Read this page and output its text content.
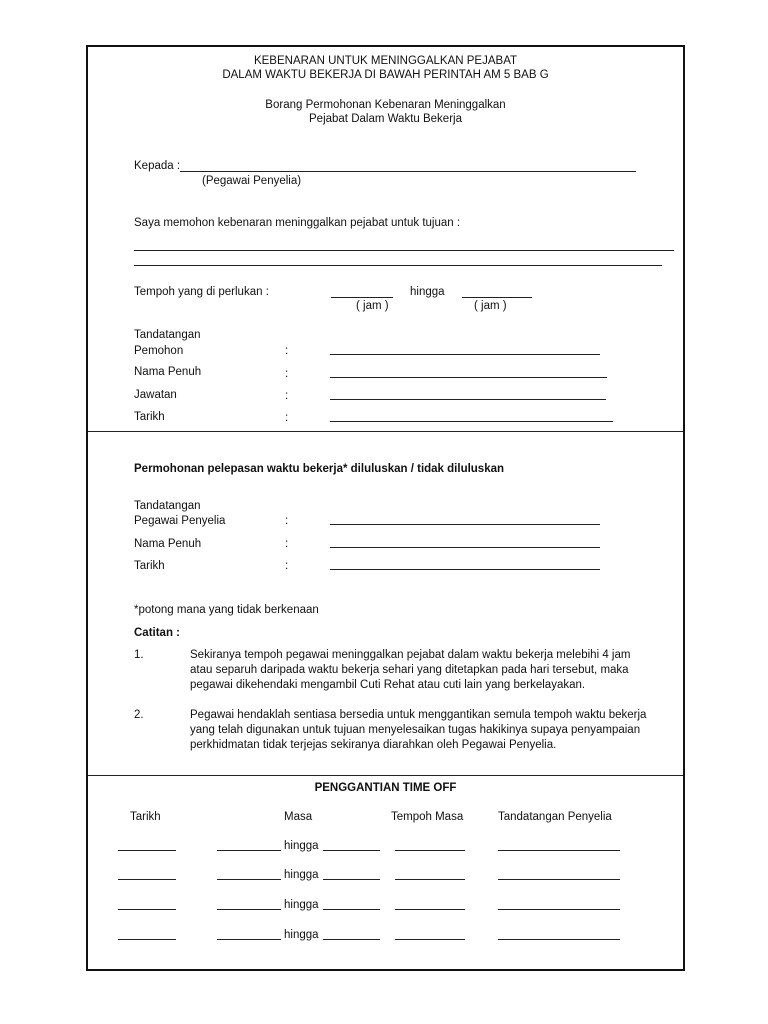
KEBENARAN UNTUK MENINGGALKAN PEJABAT
DALAM WAKTU BEKERJA DI BAWAH PERINTAH AM 5 BAB G
Borang Permohonan Kebenaran Meninggalkan
Pejabat Dalam Waktu Bekerja
Kepada :
(Pegawai Penyelia)
Saya memohon kebenaran meninggalkan pejabat untuk tujuan :
Tempoh yang di perlukan :	hingga
( jam )	( jam )
Tandatangan
Pemohon	:
Nama Penuh	:
Jawatan	:
Tarikh	:
Permohonan pelepasan waktu bekerja* diluluskan / tidak diluluskan
Tandatangan
Pegawai Penyelia	:
Nama Penuh	:
Tarikh	:
*potong mana yang tidak berkenaan
Catitan :
1.	Sekiranya tempoh pegawai meninggalkan pejabat dalam waktu bekerja melebihi 4 jam
atau separuh daripada waktu bekerja sehari yang ditetapkan pada hari tersebut, maka
pegawai dikehendaki mengambil Cuti Rehat atau cuti lain yang berkelayakan.
2.	Pegawai hendaklah sentiasa bersedia untuk menggantikan semula tempoh waktu bekerja
yang telah digunakan untuk tujuan menyelesaikan tugas hakikinya supaya penyampaian
perkhidmatan tidak terjejas sekiranya diarahkan oleh Pegawai Penyelia.
PENGGANTIAN TIME OFF
Tarikh	Masa	Tempoh Masa	Tandatangan Penyelia
hingga
hingga
hingga
hingga
